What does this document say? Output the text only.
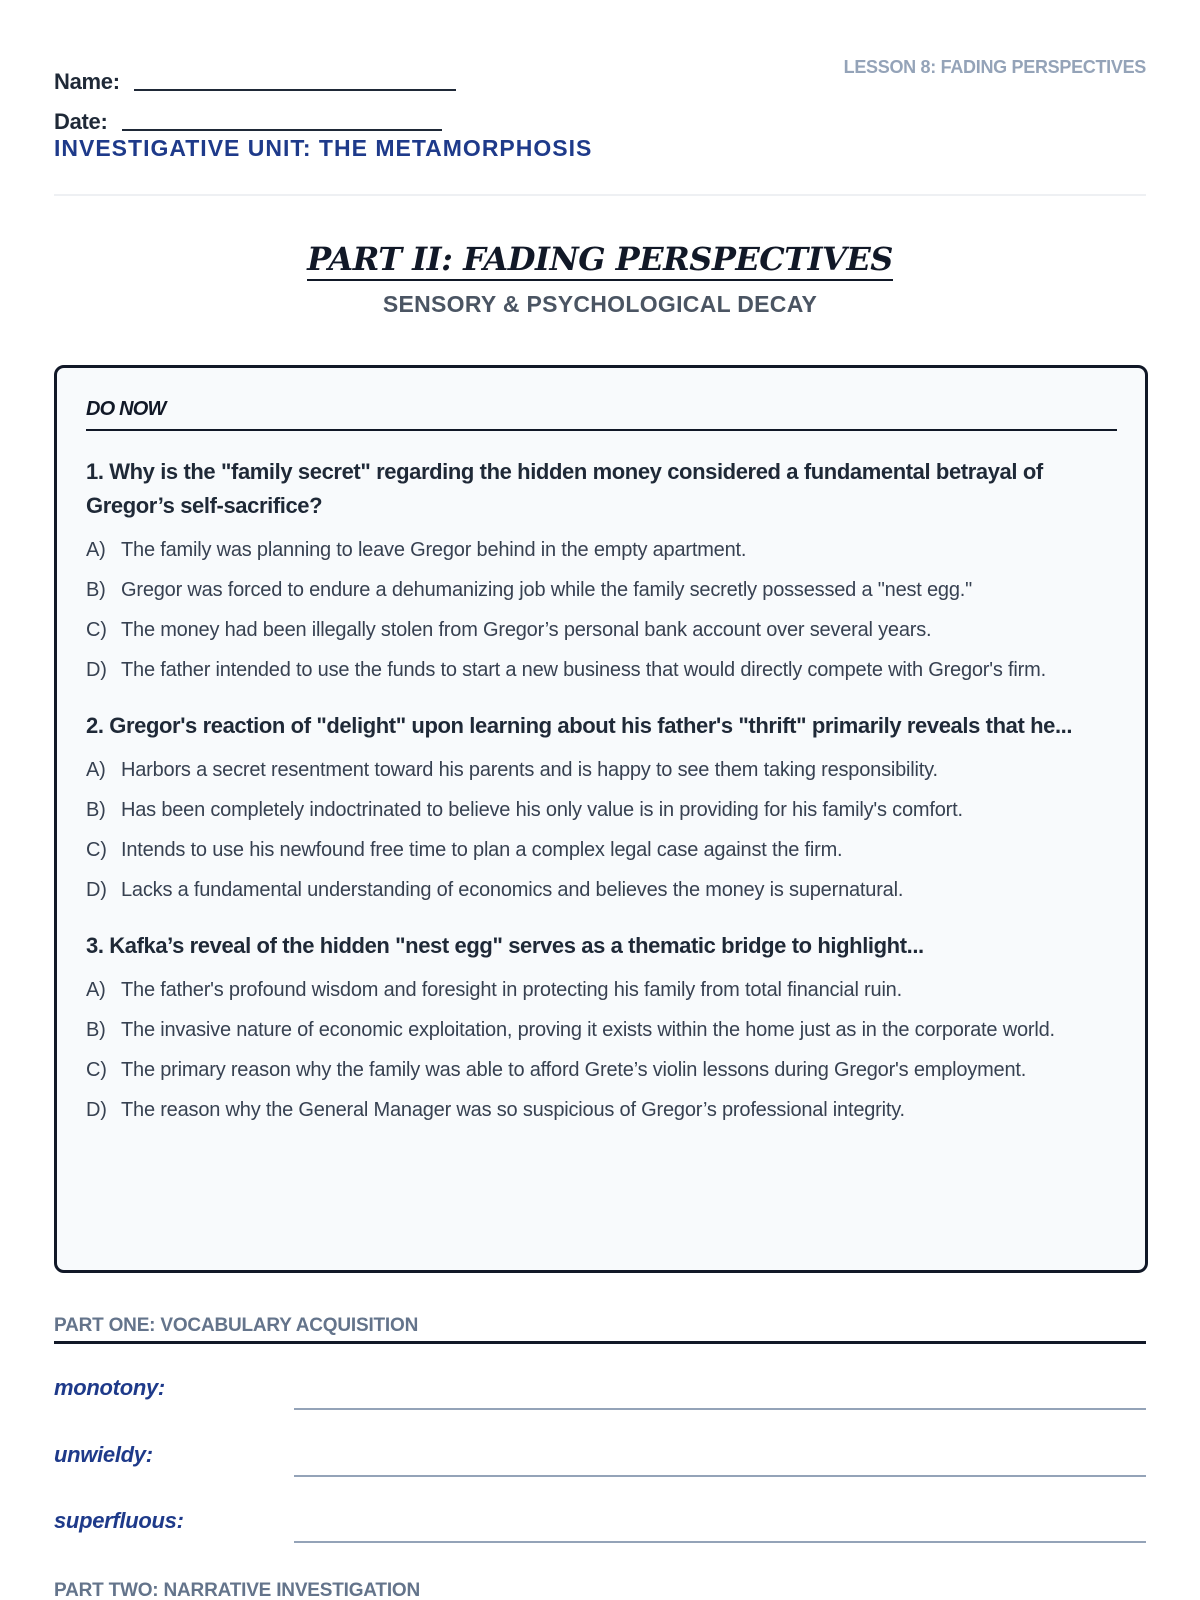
Name:
Date:
INVESTIGATIVE UNIT: THE METAMORPHOSIS
LESSON 8: FADING PERSPECTIVES
PART II: FADING PERSPECTIVES
SENSORY & PSYCHOLOGICAL DECAY
DO NOW
1. Why is the "family secret" regarding the hidden money considered a fundamental betrayal of Gregor’s self-sacrifice?
A) The family was planning to leave Gregor behind in the empty apartment.
B) Gregor was forced to endure a dehumanizing job while the family secretly possessed a "nest egg."
C) The money had been illegally stolen from Gregor’s personal bank account over several years.
D) The father intended to use the funds to start a new business that would directly compete with Gregor's firm.
2. Gregor's reaction of "delight" upon learning about his father's "thrift" primarily reveals that he...
A) Harbors a secret resentment toward his parents and is happy to see them taking responsibility.
B) Has been completely indoctrinated to believe his only value is in providing for his family's comfort.
C) Intends to use his newfound free time to plan a complex legal case against the firm.
D) Lacks a fundamental understanding of economics and believes the money is supernatural.
3. Kafka’s reveal of the hidden "nest egg" serves as a thematic bridge to highlight...
A) The father's profound wisdom and foresight in protecting his family from total financial ruin.
B) The invasive nature of economic exploitation, proving it exists within the home just as in the corporate world.
C) The primary reason why the family was able to afford Grete’s violin lessons during Gregor's employment.
D) The reason why the General Manager was so suspicious of Gregor’s professional integrity.
PART ONE: VOCABULARY ACQUISITION
monotony:
unwieldy:
superfluous:
PART TWO: NARRATIVE INVESTIGATION
